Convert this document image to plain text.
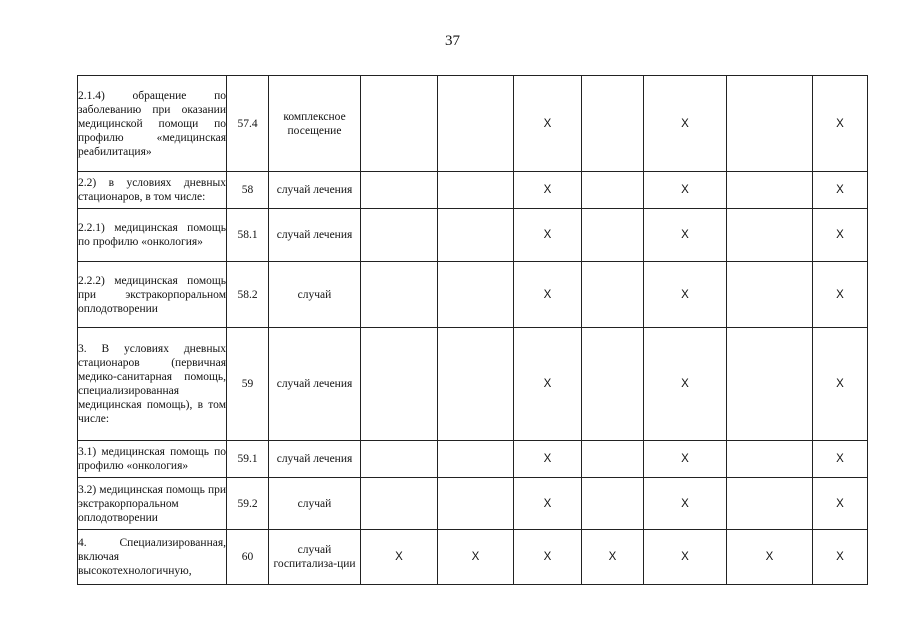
37
2.1.4) обращение по заболеванию при оказании медицинской помощи по профилю «медицинская реабилитация»	57.4	комплексное посещение			X		X		X
2.2) в условиях дневных стационаров, в том числе:	58	случай лечения			X		X		X
2.2.1) медицинская помощь по профилю «онкология»	58.1	случай лечения			X		X		X
2.2.2) медицинская помощь при экстракорпоральном оплодотворении	58.2	случай			X		X		X
3. В условиях дневных стационаров (первичная медико-санитарная помощь, специализированная медицинская помощь), в том числе:	59	случай лечения			X		X		X
3.1) медицинская помощь по профилю «онкология»	59.1	случай лечения			X		X		X
3.2) медицинская помощь при экстракорпоральном оплодотворении	59.2	случай			X		X		X
4. Специализированная, включая высокотехнологичную,	60	случай госпитализа-ции	X	X	X	X	X	X	X
